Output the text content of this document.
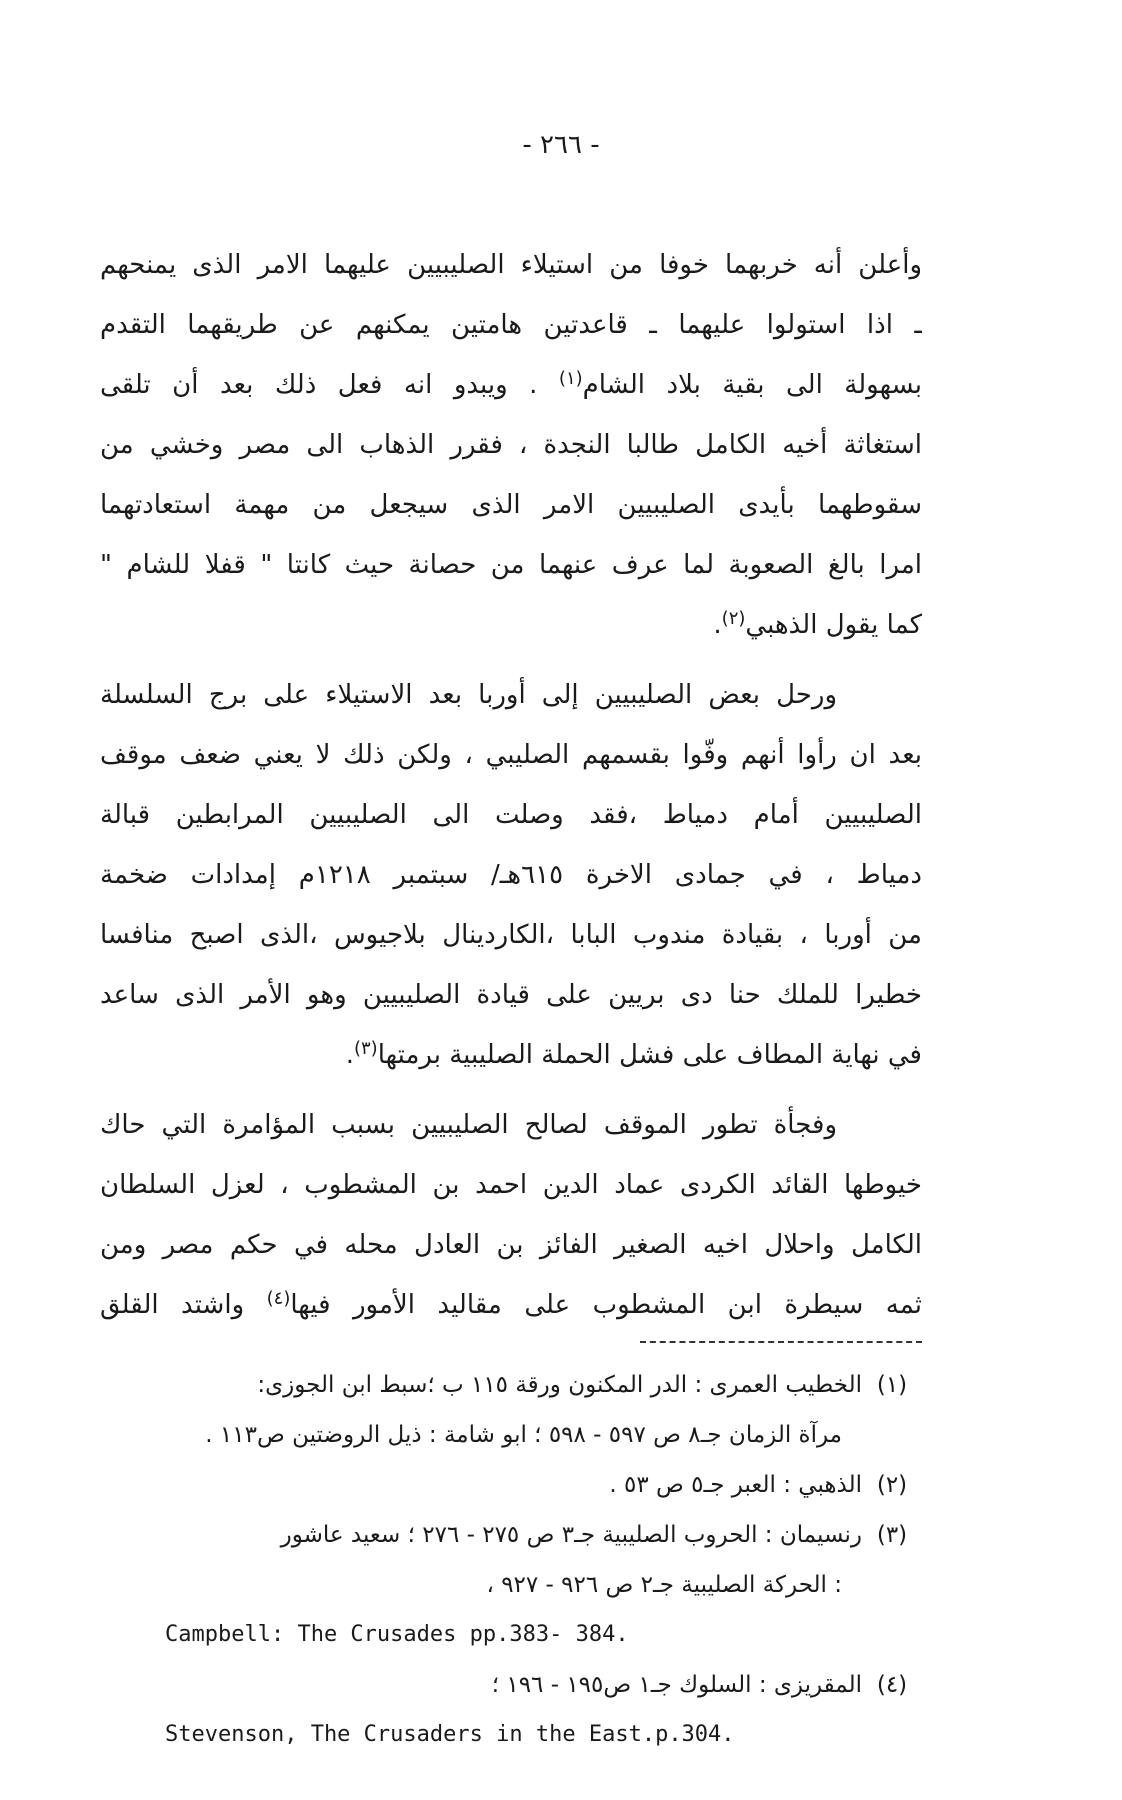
- ٢٦٦ -
وأعلن أنه خربهما خوفا من استيلاء الصليبيين عليهما الامر الذى يمنحهم
ـ اذا استولوا عليهما ـ قاعدتين هامتين يمكنهم عن طريقهما التقدم
بسهولة الى بقية بلاد الشام$^{(١)}$ . ويبدو انه فعل ذلك بعد أن تلقى
استغاثة أخيه الكامل طالبا النجدة ، فقرر الذهاب الى مصر وخشي من
سقوطهما بأيدى الصليبيين الامر الذى سيجعل من مهمة استعادتهما
امرا بالغ الصعوبة لما عرف عنهما من حصانة حيث كانتا " قفلا للشام "
كما يقول الذهبي$^{(٢)}$.
ورحل بعض الصليبيين إلى أوربا بعد الاستيلاء على برج السلسلة
بعد ان رأوا أنهم وفّوا بقسمهم الصليبي ، ولكن ذلك لا يعني ضعف موقف
الصليبيين أمام دمياط ،فقد وصلت الى الصليبيين المرابطين قبالة
دمياط ، في جمادى الاخرة ٦١٥هـ/ سبتمبر ١٢١٨م إمدادات ضخمة
من أوربا ، بقيادة مندوب البابا ،الكاردينال بلاجيوس ،الذى اصبح منافسا
خطيرا للملك حنا دى بريين على قيادة الصليبيين وهو الأمر الذى ساعد
في نهاية المطاف على فشل الحملة الصليبية برمتها$^{(٣)}$.
وفجأة تطور الموقف لصالح الصليبيين بسبب المؤامرة التي حاك
خيوطها القائد الكردى عماد الدين احمد بن المشطوب ، لعزل السلطان
الكامل واحلال اخيه الصغير الفائز بن العادل محله في حكم مصر ومن
ثمه سيطرة ابن المشطوب على مقاليد الأمور فيها$^{(٤)}$ واشتد القلق
(١)الخطيب العمرى : الدر المكنون ورقة ١١٥ ب ؛سبط ابن الجوزى:
مرآة الزمان جـ٨ ص ٥٩٧ - ٥٩٨ ؛ ابو شامة : ذيل الروضتين ص١١٣ .
(٢)الذهبي : العبر جـ٥ ص ٥٣ .
(٣)رنسيمان : الحروب الصليبية جـ٣ ص ٢٧٥ - ٢٧٦ ؛ سعيد عاشور
: الحركة الصليبية جـ٢ ص ٩٢٦ - ٩٢٧ ،
Campbell: The Crusades pp.383- 384.
(٤)المقريزى : السلوك جـ١ ص١٩٥ - ١٩٦ ؛
Stevenson, The Crusaders in the East.p.304.
